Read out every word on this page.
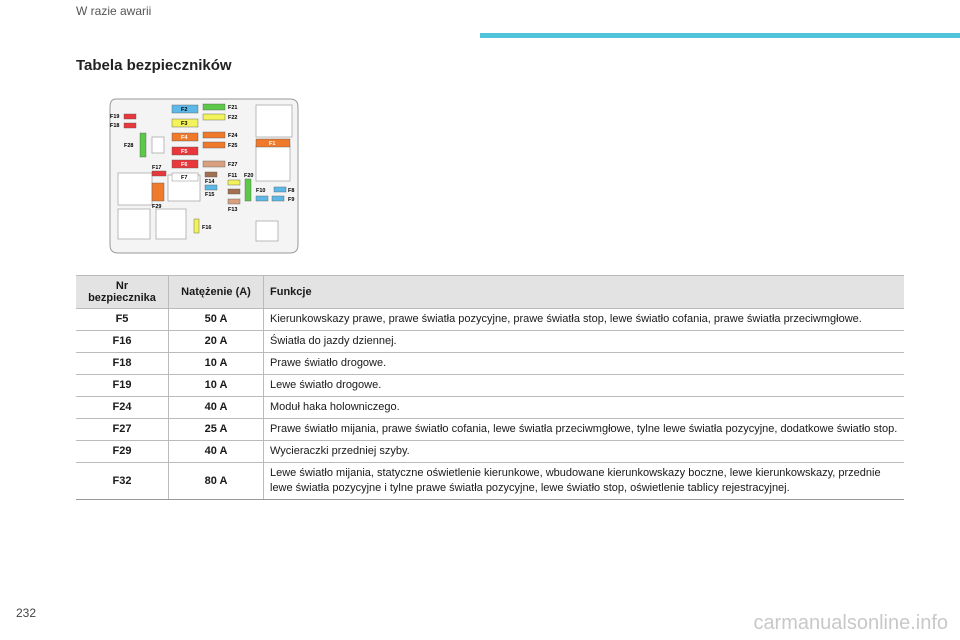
W razie awarii
Tabela bezpieczników
F19
F18
F28
F2
F3
F4
F5
F6
F7
F17
F29
F21
F22
F24
F25
F27
F1
F14
F15
F11
F13
F20
F10	F8
F9
F16
Nr bezpiecznika	Natężenie (A)	Funkcje
F5	50 A	Kierunkowskazy prawe, prawe światła pozycyjne, prawe światła stop, lewe światło cofania, prawe światła przeciwmgłowe.
F16	20 A	Światła do jazdy dziennej.
F18	10 A	Prawe światło drogowe.
F19	10 A	Lewe światło drogowe.
F24	40 A	Moduł haka holowniczego.
F27	25 A	Prawe światło mijania, prawe światło cofania, lewe światła przeciwmgłowe, tylne lewe światła pozycyjne, dodatkowe światło stop.
F29	40 A	Wycieraczki przedniej szyby.
F32	80 A	Lewe światło mijania, statyczne oświetlenie kierunkowe, wbudowane kierunkowskazy boczne, lewe kierunkowskazy, przednie lewe światła pozycyjne i tylne prawe światła pozycyjne, lewe światło stop, oświetlenie tablicy rejestracyjnej.
232	carmanualsonline.info
